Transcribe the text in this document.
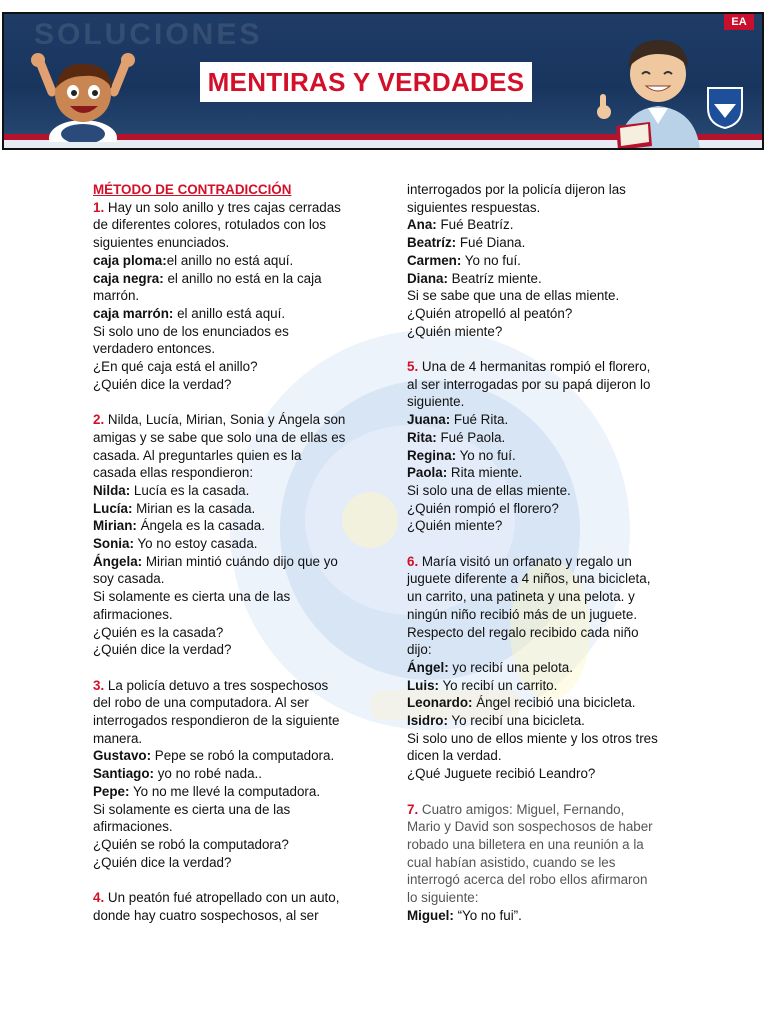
SOLUCIONES	EA
MENTIRAS Y VERDADES
MÉTODO DE CONTRADICCIÓN
1. Hay un solo anillo y tres cajas cerradas
de diferentes colores, rotulados con los
siguientes enunciados.
caja ploma:el anillo no está aquí.
caja negra: el anillo no está en la caja
marrón.
caja marrón: el anillo está aquí.
Si solo uno de los enunciados es
verdadero entonces.
¿En qué caja está el anillo?
¿Quién dice la verdad?
2. Nilda, Lucía, Mirian, Sonia y Ángela son
amigas y se sabe que solo una de ellas es
casada. Al preguntarles quien es la
casada ellas respondieron:
Nilda: Lucía es la casada.
Lucía: Mirian es la casada.
Mirian: Ángela es la casada.
Sonia: Yo no estoy casada.
Ángela: Mirian mintió cuándo dijo que yo
soy casada.
Si solamente es cierta una de las
afirmaciones.
¿Quién es la casada?
¿Quién dice la verdad?
3. La policía detuvo a tres sospechosos
del robo de una computadora. Al ser
interrogados respondieron de la siguiente
manera.
Gustavo: Pepe se robó la computadora.
Santiago: yo no robé nada..
Pepe: Yo no me llevé la computadora.
Si solamente es cierta una de las
afirmaciones.
¿Quién se robó la computadora?
¿Quién dice la verdad?
4. Un peatón fué atropellado con un auto,
donde hay cuatro sospechosos, al ser
interrogados por la policía dijeron las
siguientes respuestas.
Ana: Fué Beatríz.
Beatríz: Fué Diana.
Carmen: Yo no fuí.
Diana: Beatríz miente.
Si se sabe que una de ellas miente.
¿Quién atropelló al peatón?
¿Quién miente?
5. Una de 4 hermanitas rompió el florero,
al ser interrogadas por su papá dijeron lo
siguiente.
Juana: Fué Rita.
Rita: Fué Paola.
Regina: Yo no fuí.
Paola: Rita miente.
Si solo una de ellas miente.
¿Quién rompió el florero?
¿Quién miente?
6. María visitó un orfanato y regalo un
juguete diferente a 4 niños, una bicicleta,
un carrito, una patineta y una pelota. y
ningún niño recibió más de un juguete.
Respecto del regalo recibido cada niño
dijo:
Ángel: yo recibí una pelota.
Luis: Yo recibí un carrito.
Leonardo: Ángel recibió una bicicleta.
Isidro: Yo recibí una bicicleta.
Si solo uno de ellos miente y los otros tres
dicen la verdad.
¿Qué Juguete recibió Leandro?
7. Cuatro amigos: Miguel, Fernando,
Mario y David son sospechosos de haber
robado una billetera en una reunión a la
cual habían asistido, cuando se les
interrogó acerca del robo ellos afirmaron
lo siguiente:
Miguel: “Yo no fui”.
